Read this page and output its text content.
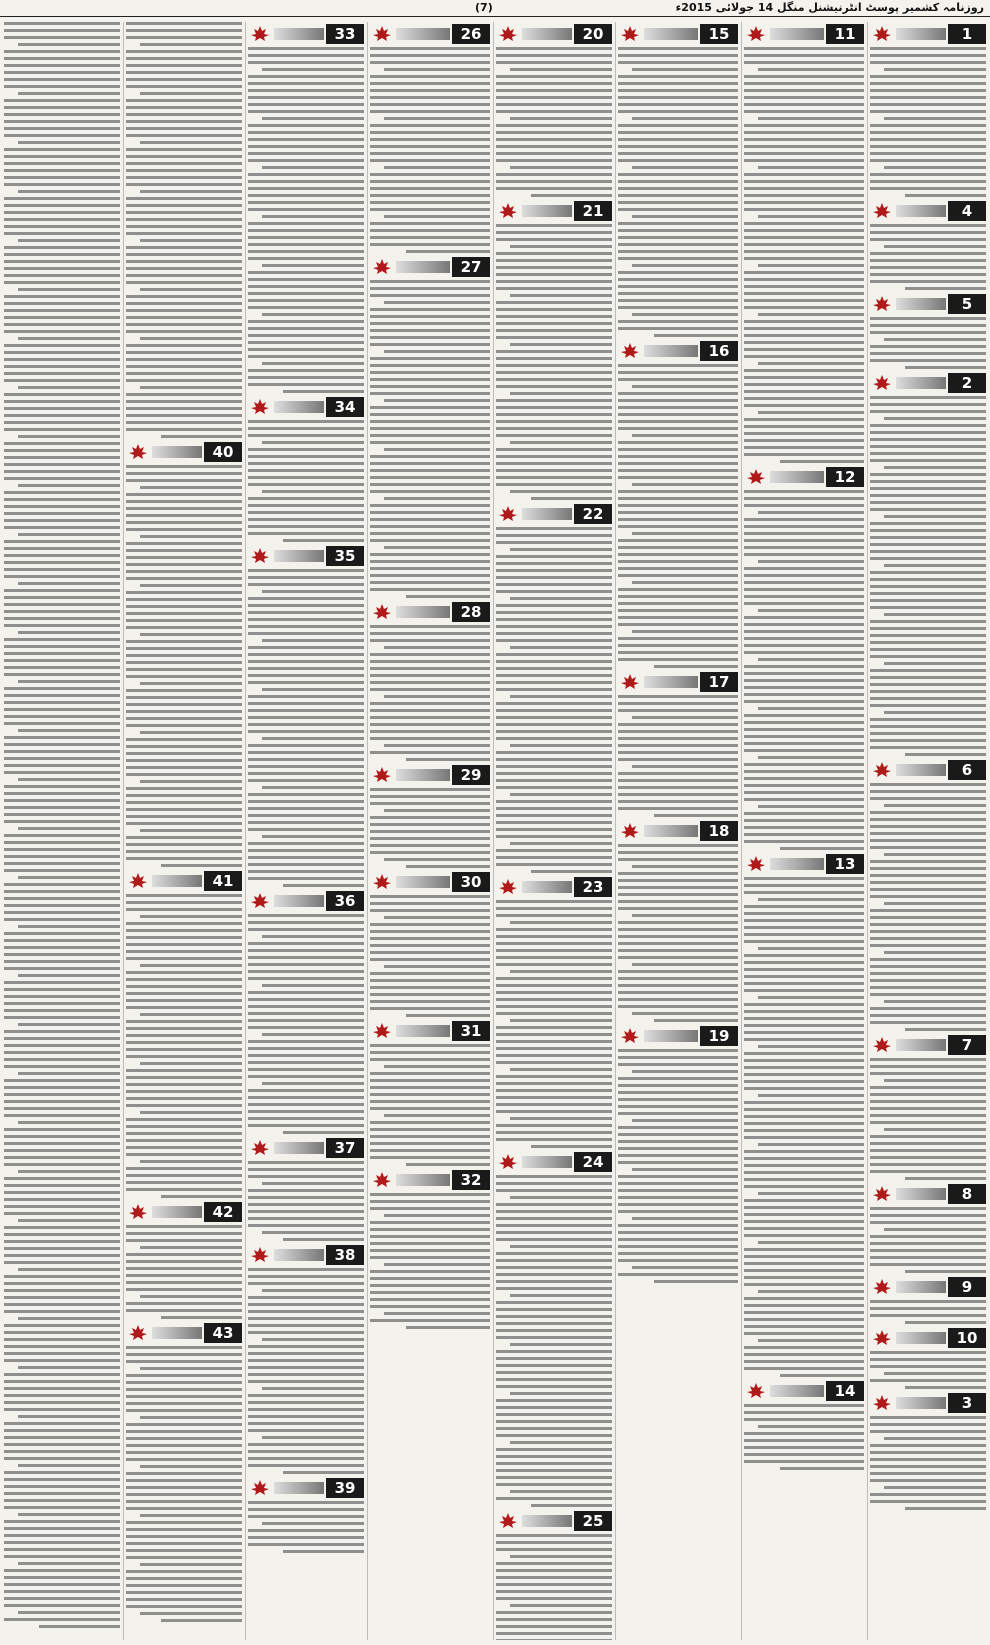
روزنامہ کشمیر پوسٹ انٹرنیشنل منگل 14 جولائی 2015ء
(7)
1
4
5
2
6
7
8
9
10
3
11
12
13
14
15
16
17
18
19
20
21
22
23
24
25
26
27
28
29
30
31
32
33
34
35
36
37
38
39
40
41
42
43
